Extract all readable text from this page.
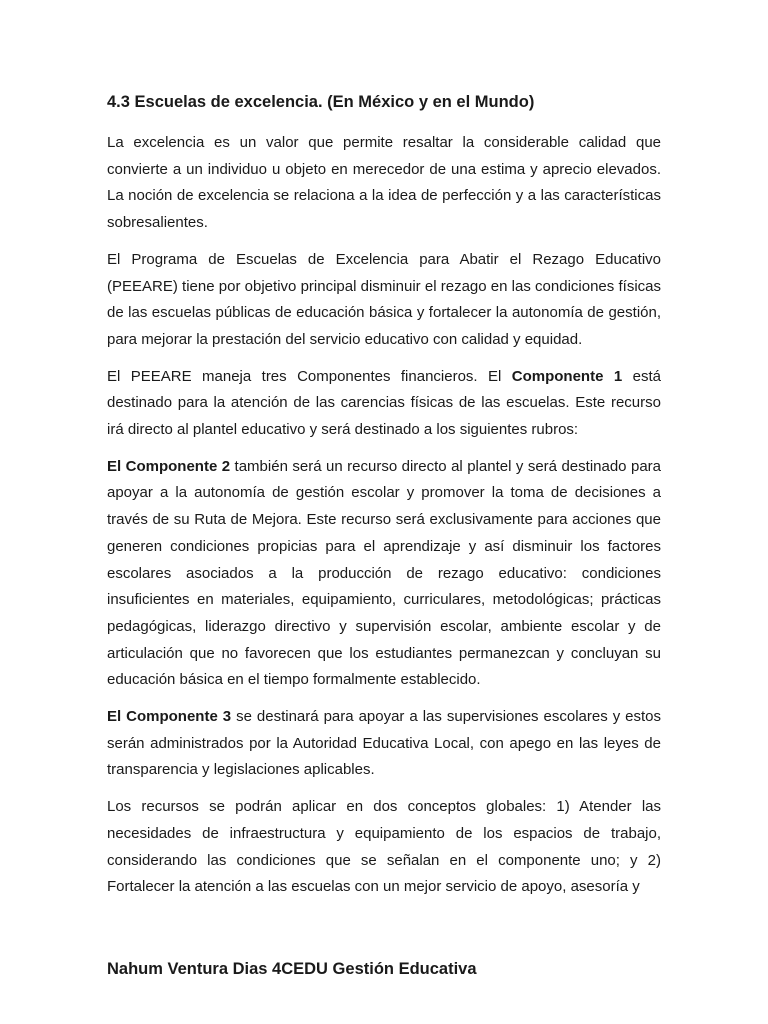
4.3 Escuelas de excelencia. (En México y en el Mundo)

La excelencia es un valor que permite resaltar la considerable calidad que convierte a un individuo u objeto en merecedor de una estima y aprecio elevados. La noción de excelencia se relaciona a la idea de perfección y a las características sobresalientes.

El Programa de Escuelas de Excelencia para Abatir el Rezago Educativo (PEEARE) tiene por objetivo principal disminuir el rezago en las condiciones físicas de las escuelas públicas de educación básica y fortalecer la autonomía de gestión, para mejorar la prestación del servicio educativo con calidad y equidad.

El PEEARE maneja tres Componentes financieros. El Componente 1 está destinado para la atención de las carencias físicas de las escuelas. Este recurso irá directo al plantel educativo y será destinado a los siguientes rubros:

El Componente 2 también será un recurso directo al plantel y será destinado para apoyar a la autonomía de gestión escolar y promover la toma de decisiones a través de su Ruta de Mejora. Este recurso será exclusivamente para acciones que generen condiciones propicias para el aprendizaje y así disminuir los factores escolares asociados a la producción de rezago educativo: condiciones insuficientes en materiales, equipamiento, curriculares, metodológicas; prácticas pedagógicas, liderazgo directivo y supervisión escolar, ambiente escolar y de articulación que no favorecen que los estudiantes permanezcan y concluyan su educación básica en el tiempo formalmente establecido.

El Componente 3 se destinará para apoyar a las supervisiones escolares y estos serán administrados por la Autoridad Educativa Local, con apego en las leyes de transparencia y legislaciones aplicables.

Los recursos se podrán aplicar en dos conceptos globales: 1) Atender las necesidades de infraestructura y equipamiento de los espacios de trabajo, considerando las condiciones que se señalan en el componente uno; y 2) Fortalecer la atención a las escuelas con un mejor servicio de apoyo, asesoría y

Nahum Ventura Dias 4CEDU Gestión Educativa
